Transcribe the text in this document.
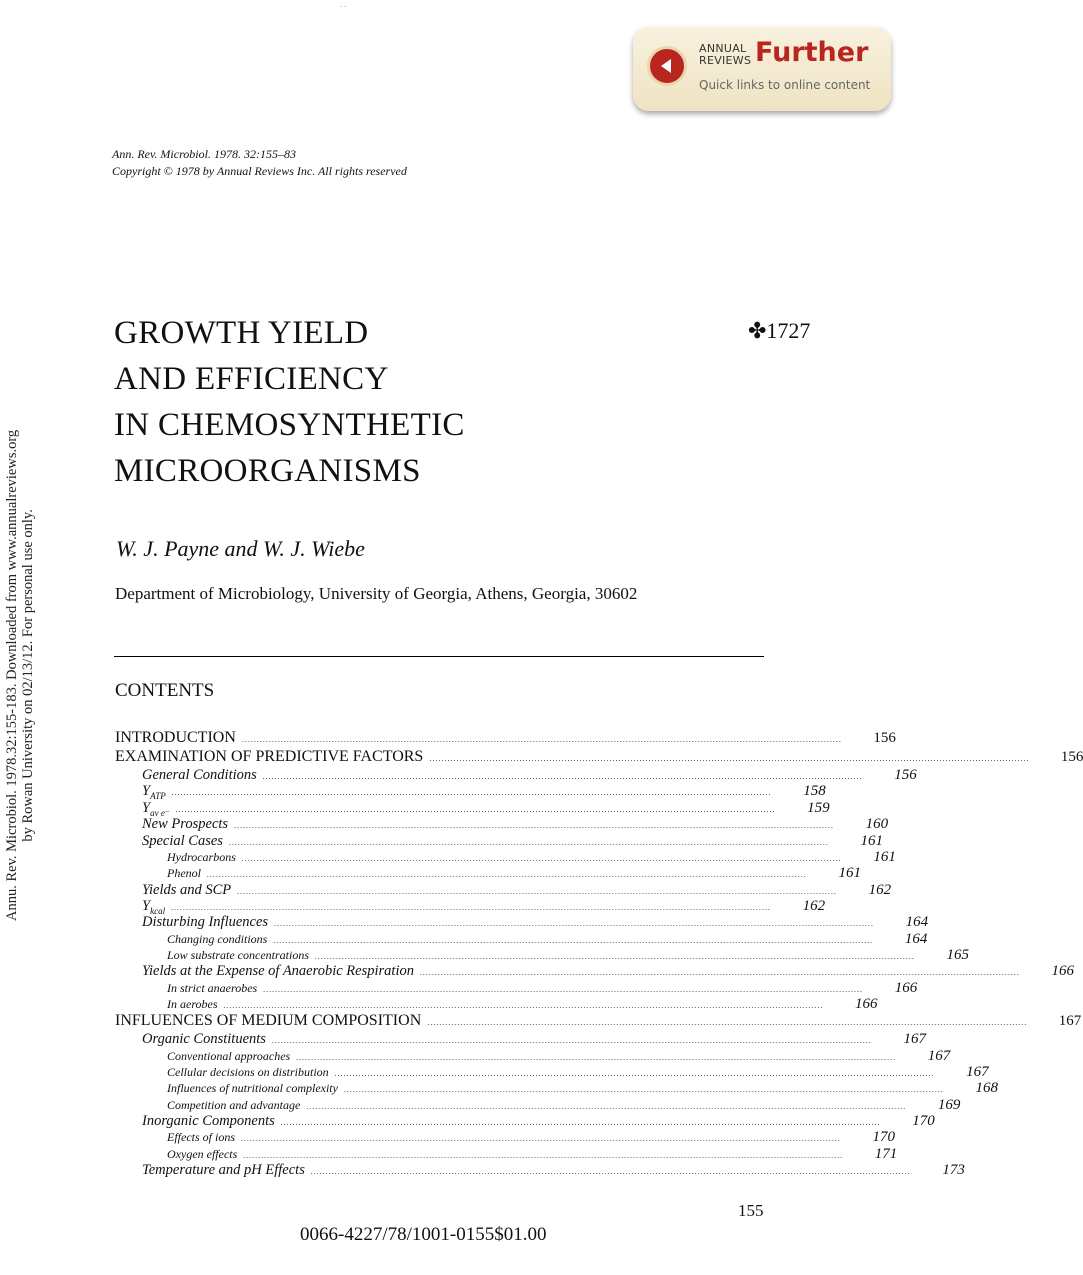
. .
ANNUAL
REVIEWS Further
Quick links to online content
Ann. Rev. Microbiol. 1978. 32:155–83
Copyright © 1978 by Annual Reviews Inc. All rights reserved
GROWTH YIELD
AND EFFICIENCY
IN CHEMOSYNTHETIC
MICROORGANISMS
✤1727
W. J. Payne and W. J. Wiebe
Department of Microbiology, University of Georgia, Athens, Georgia, 30602
CONTENTS
Annu. Rev. Microbiol. 1978.32:155-183. Downloaded from www.annualreviews.org by Rowan University on 02/13/12. For personal use only.	INTRODUCTION ........................................................................................................................................................................................................	156
EXAMINATION OF PREDICTIVE FACTORS ........................................................................................................................................................................................................	156
General Conditions ........................................................................................................................................................................................................	156
$Y_{ATP}$ ........................................................................................................................................................................................................	158
$Y_{av e^-}$ ........................................................................................................................................................................................................	159
New Prospects ........................................................................................................................................................................................................	160
Special Cases ........................................................................................................................................................................................................	161
Hydrocarbons ........................................................................................................................................................................................................	161
Phenol ........................................................................................................................................................................................................	161
Yields and SCP ........................................................................................................................................................................................................	162
$Y_{kcal}$ ........................................................................................................................................................................................................	162
Disturbing Influences ........................................................................................................................................................................................................	164
Changing conditions ........................................................................................................................................................................................................	164
Low substrate concentrations ........................................................................................................................................................................................................	165
Yields at the Expense of Anaerobic Respiration ........................................................................................................................................................................................................	166
In strict anaerobes ........................................................................................................................................................................................................	166
In aerobes ........................................................................................................................................................................................................	166
INFLUENCES OF MEDIUM COMPOSITION ........................................................................................................................................................................................................	167
Organic Constituents ........................................................................................................................................................................................................	167
Conventional approaches ........................................................................................................................................................................................................	167
Cellular decisions on distribution ........................................................................................................................................................................................................	167
Influences of nutritional complexity ........................................................................................................................................................................................................	168
Competition and advantage ........................................................................................................................................................................................................	169
Inorganic Components ........................................................................................................................................................................................................	170
Effects of ions ........................................................................................................................................................................................................	170
Oxygen effects ........................................................................................................................................................................................................	171
Temperature and pH Effects ........................................................................................................................................................................................................	173
155
0066-4227/78/1001-0155$01.00
